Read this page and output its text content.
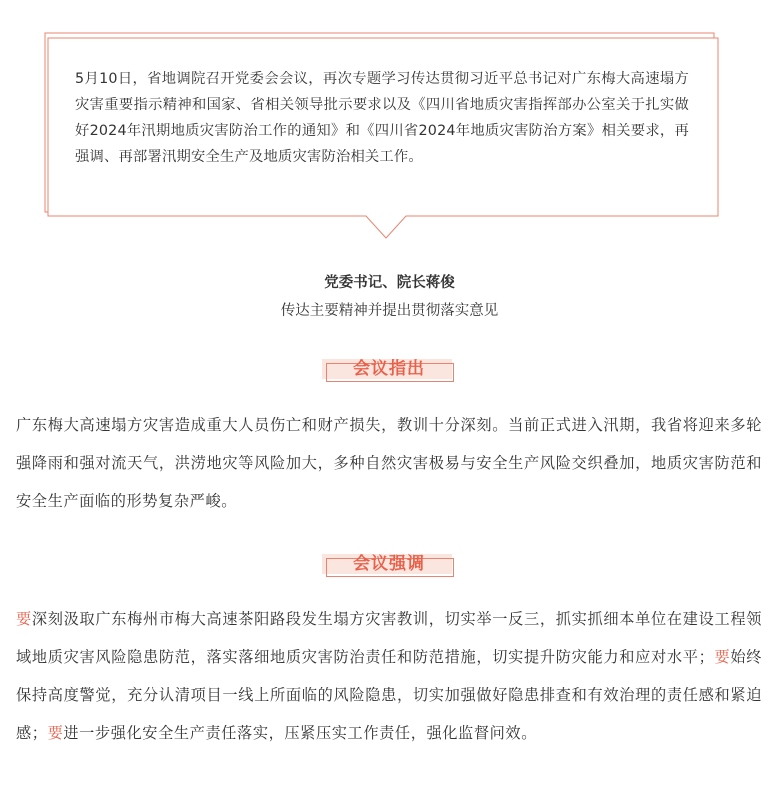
5月10日，省地调院召开党委会会议，再次专题学习传达贯彻习近平总书记对广东梅大高速塌方灾害重要指示精神和国家、省相关领导批示要求以及《四川省地质灾害指挥部办公室关于扎实做好2024年汛期地质灾害防治工作的通知》和《四川省2024年地质灾害防治方案》相关要求，再强调、再部署汛期安全生产及地质灾害防治相关工作。
党委书记、院长蒋俊
传达主要精神并提出贯彻落实意见
会议指出
广东梅大高速塌方灾害造成重大人员伤亡和财产损失，教训十分深刻。当前正式进入汛期，我省将迎来多轮强降雨和强对流天气，洪涝地灾等风险加大，多种自然灾害极易与安全生产风险交织叠加，地质灾害防范和安全生产面临的形势复杂严峻。
会议强调
要深刻汲取广东梅州市梅大高速茶阳路段发生塌方灾害教训，切实举一反三，抓实抓细本单位在建设工程领域地质灾害风险隐患防范，落实落细地质灾害防治责任和防范措施，切实提升防灾能力和应对水平；要始终保持高度警觉，充分认清项目一线上所面临的风险隐患，切实加强做好隐患排查和有效治理的责任感和紧迫感；要进一步强化安全生产责任落实，压紧压实工作责任，强化监督问效。
